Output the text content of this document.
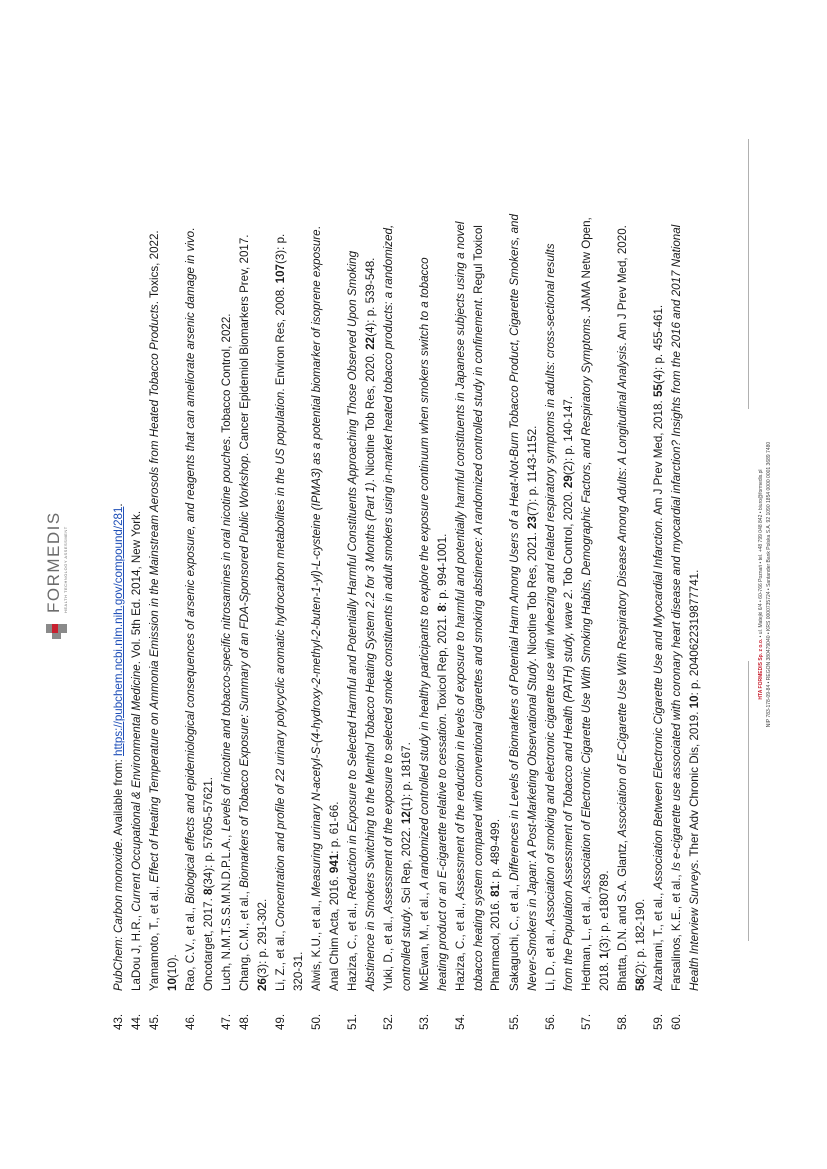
FORMEDIS HEALTH TECHNOLOGY ASSESSMENT
43.
PubChem: Carbon monoxide. Available from: https://pubchem.ncbi.nlm.nih.gov/compound/281.
44.
LaDou J, H.R., Current Occupational & Environmental Medicine. Vol. 5th Ed. 2014, New York.
45.
Yamamoto, T., et al., Effect of Heating Temperature on Ammonia Emission in the Mainstream Aerosols from Heated Tobacco Products. Toxics, 2022.
10(10).
46.
Rao, C.V., et al., Biological effects and epidemiological consequences of arsenic exposure, and reagents that can ameliorate arsenic damage in vivo.
Oncotarget, 2017. 8(34): p. 57605-57621.
47.
Luch, N.M.T.S.S.M.N.D.P.L.A., Levels of nicotine and tobacco-specific nitrosamines in oral nicotine pouches. Tobacco Control, 2022.
48.
Chang, C.M., et al., Biomarkers of Tobacco Exposure: Summary of an FDA-Sponsored Public Workshop. Cancer Epidemiol Biomarkers Prev, 2017.
26(3): p. 291-302.
49.
Li, Z., et al., Concentration and profile of 22 urinary polycyclic aromatic hydrocarbon metabolites in the US population. Environ Res, 2008. 107(3): p.
320-31.
50.
Alwis, K.U., et al., Measuring urinary N-acetyl-S-(4-hydroxy-2-methyl-2-buten-1-yl)-L-cysteine (IPMA3) as a potential biomarker of isoprene exposure.
Anal Chim Acta, 2016. 941: p. 61-66.
51.
Haziza, C., et al., Reduction in Exposure to Selected Harmful and Potentially Harmful Constituents Approaching Those Observed Upon Smoking Abstinence in Smokers Switching to the Menthol Tobacco Heating System 2.2 for 3 Months (Part 1). Nicotine Tob Res, 2020. 22(4): p. 539-548.
52.
Yuki, D., et al., Assessment of the exposure to selected smoke constituents in adult smokers using in-market heated tobacco products: a randomized,
controlled study. Sci Rep, 2022. 12(1): p. 18167.
53.
McEwan, M., et al., A randomized controlled study in healthy participants to explore the exposure continuum when smokers switch to a tobacco heating product or an E-cigarette relative to cessation. Toxicol Rep, 2021. 8: p. 994-1001.
54.
Haziza, C., et al., Assessment of the reduction in levels of exposure to harmful and potentially harmful constituents in Japanese subjects using a novel tobacco heating system compared with conventional cigarettes and smoking abstinence: A randomized controlled study in confinement. Regul Toxicol
Pharmacol, 2016. 81: p. 489-499.
55.
Sakaguchi, C., et al., Differences in Levels of Biomarkers of Potential Harm Among Users of a Heat-Not-Burn Tobacco Product, Cigarette Smokers, and Never-Smokers in Japan: A Post-Marketing Observational Study. Nicotine Tob Res, 2021. 23(7): p. 1143-1152.
56.
Li, D., et al., Association of smoking and electronic cigarette use with wheezing and related respiratory symptoms in adults: cross-sectional results from the Population Assessment of Tobacco and Health (PATH) study, wave 2. Tob Control, 2020. 29(2): p. 140-147.
57.
Hedman, L., et al., Association of Electronic Cigarette Use With Smoking Habits, Demographic Factors, and Respiratory Symptoms. JAMA Netw Open,
2018. 1(3): p. e180789.
58.
Bhatta, D.N. and S.A. Glantz, Association of E-Cigarette Use With Respiratory Disease Among Adults: A Longitudinal Analysis. Am J Prev Med, 2020.
58(2): p. 182-190.
59.
Alzahrani, T., et al., Association Between Electronic Cigarette Use and Myocardial Infarction. Am J Prev Med, 2018. 55(4): p. 455-461.
60.
Farsalinos, K.E., et al., Is e-cigarette use associated with coronary heart disease and myocardial infarction? Insights from the 2016 and 2017 National
Health Interview Surveys. Ther Adv Chronic Dis, 2019. 10: p. 2040622319877741.	HTA FORMEDIS Sp. z o.o. • ul. Matejki 6/4 • 60-766 Poznań • tel. +48 799 048 842 • biuro@formedis.pl NIP 783-178-09-84 • REGON 380479040 • KRS 0000735724 • Santander Bank Polska S.A. 92 1090 1854 0000 0001 3689 7480
